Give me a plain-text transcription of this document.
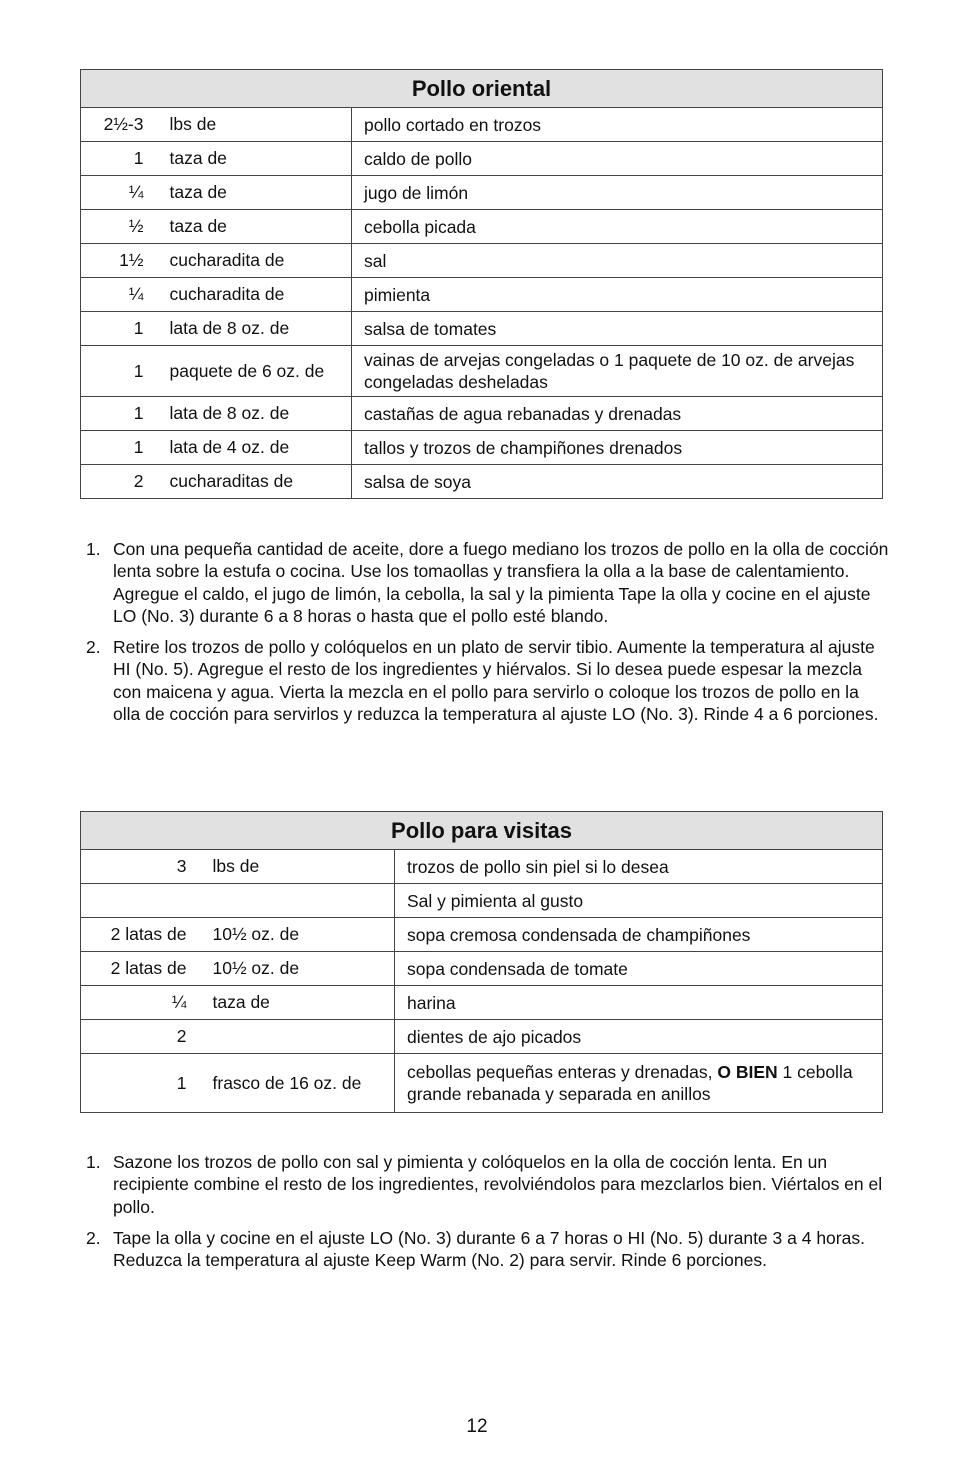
Pollo oriental		
2½-3	lbs de	pollo cortado en trozos
1	taza de	caldo de pollo
¼	taza de	jugo de limón
½	taza de	cebolla picada
1½	cucharadita de	sal
¼	cucharadita de	pimienta
1	lata de 8 oz. de	salsa de tomates
1	paquete de 6 oz. de	vainas de arvejas congeladas o 1 paquete de 10 oz. de arvejas congeladas desheladas
1	lata de 8 oz. de	castañas de agua rebanadas y drenadas
1	lata de 4 oz. de	tallos y trozos de champiñones drenados
2	cucharaditas de	salsa de soya
1. Con una pequeña cantidad de aceite, dore a fuego mediano los trozos de pollo en la olla de cocción lenta sobre la estufa o cocina. Use los tomaollas y transfiera la olla a la base de calentamiento. Agregue el caldo, el jugo de limón, la cebolla, la sal y la pimienta Tape la olla y cocine en el ajuste LO (No. 3) durante 6 a 8 horas o hasta que el pollo esté blando.
2. Retire los trozos de pollo y colóquelos en un plato de servir tibio. Aumente la temperatura al ajuste HI (No. 5). Agregue el resto de los ingredientes y hiérvalos. Si lo desea puede espesar la mezcla con maicena y agua. Vierta la mezcla en el pollo para servirlo o coloque los trozos de pollo en la olla de cocción para servirlos y reduzca la temperatura al ajuste LO (No. 3). Rinde 4 a 6 porciones.
Pollo para visitas		
3	lbs de	trozos de pollo sin piel si lo desea
		Sal y pimienta al gusto
2 latas de	10½ oz. de	sopa cremosa condensada de champiñones
2 latas de	10½ oz. de	sopa condensada de tomate
¼	taza de	harina
2		dientes de ajo picados
1	frasco de 16 oz. de	cebollas pequeñas enteras y drenadas, O BIEN 1 cebolla grande rebanada y separada en anillos
1. Sazone los trozos de pollo con sal y pimienta y colóquelos en la olla de cocción lenta. En un recipiente combine el resto de los ingredientes, revolviéndolos para mezclarlos bien. Viértalos en el pollo.
2. Tape la olla y cocine en el ajuste LO (No. 3) durante 6 a 7 horas o HI (No. 5) durante 3 a 4 horas. Reduzca la temperatura al ajuste Keep Warm (No. 2) para servir. Rinde 6 porciones.
12
